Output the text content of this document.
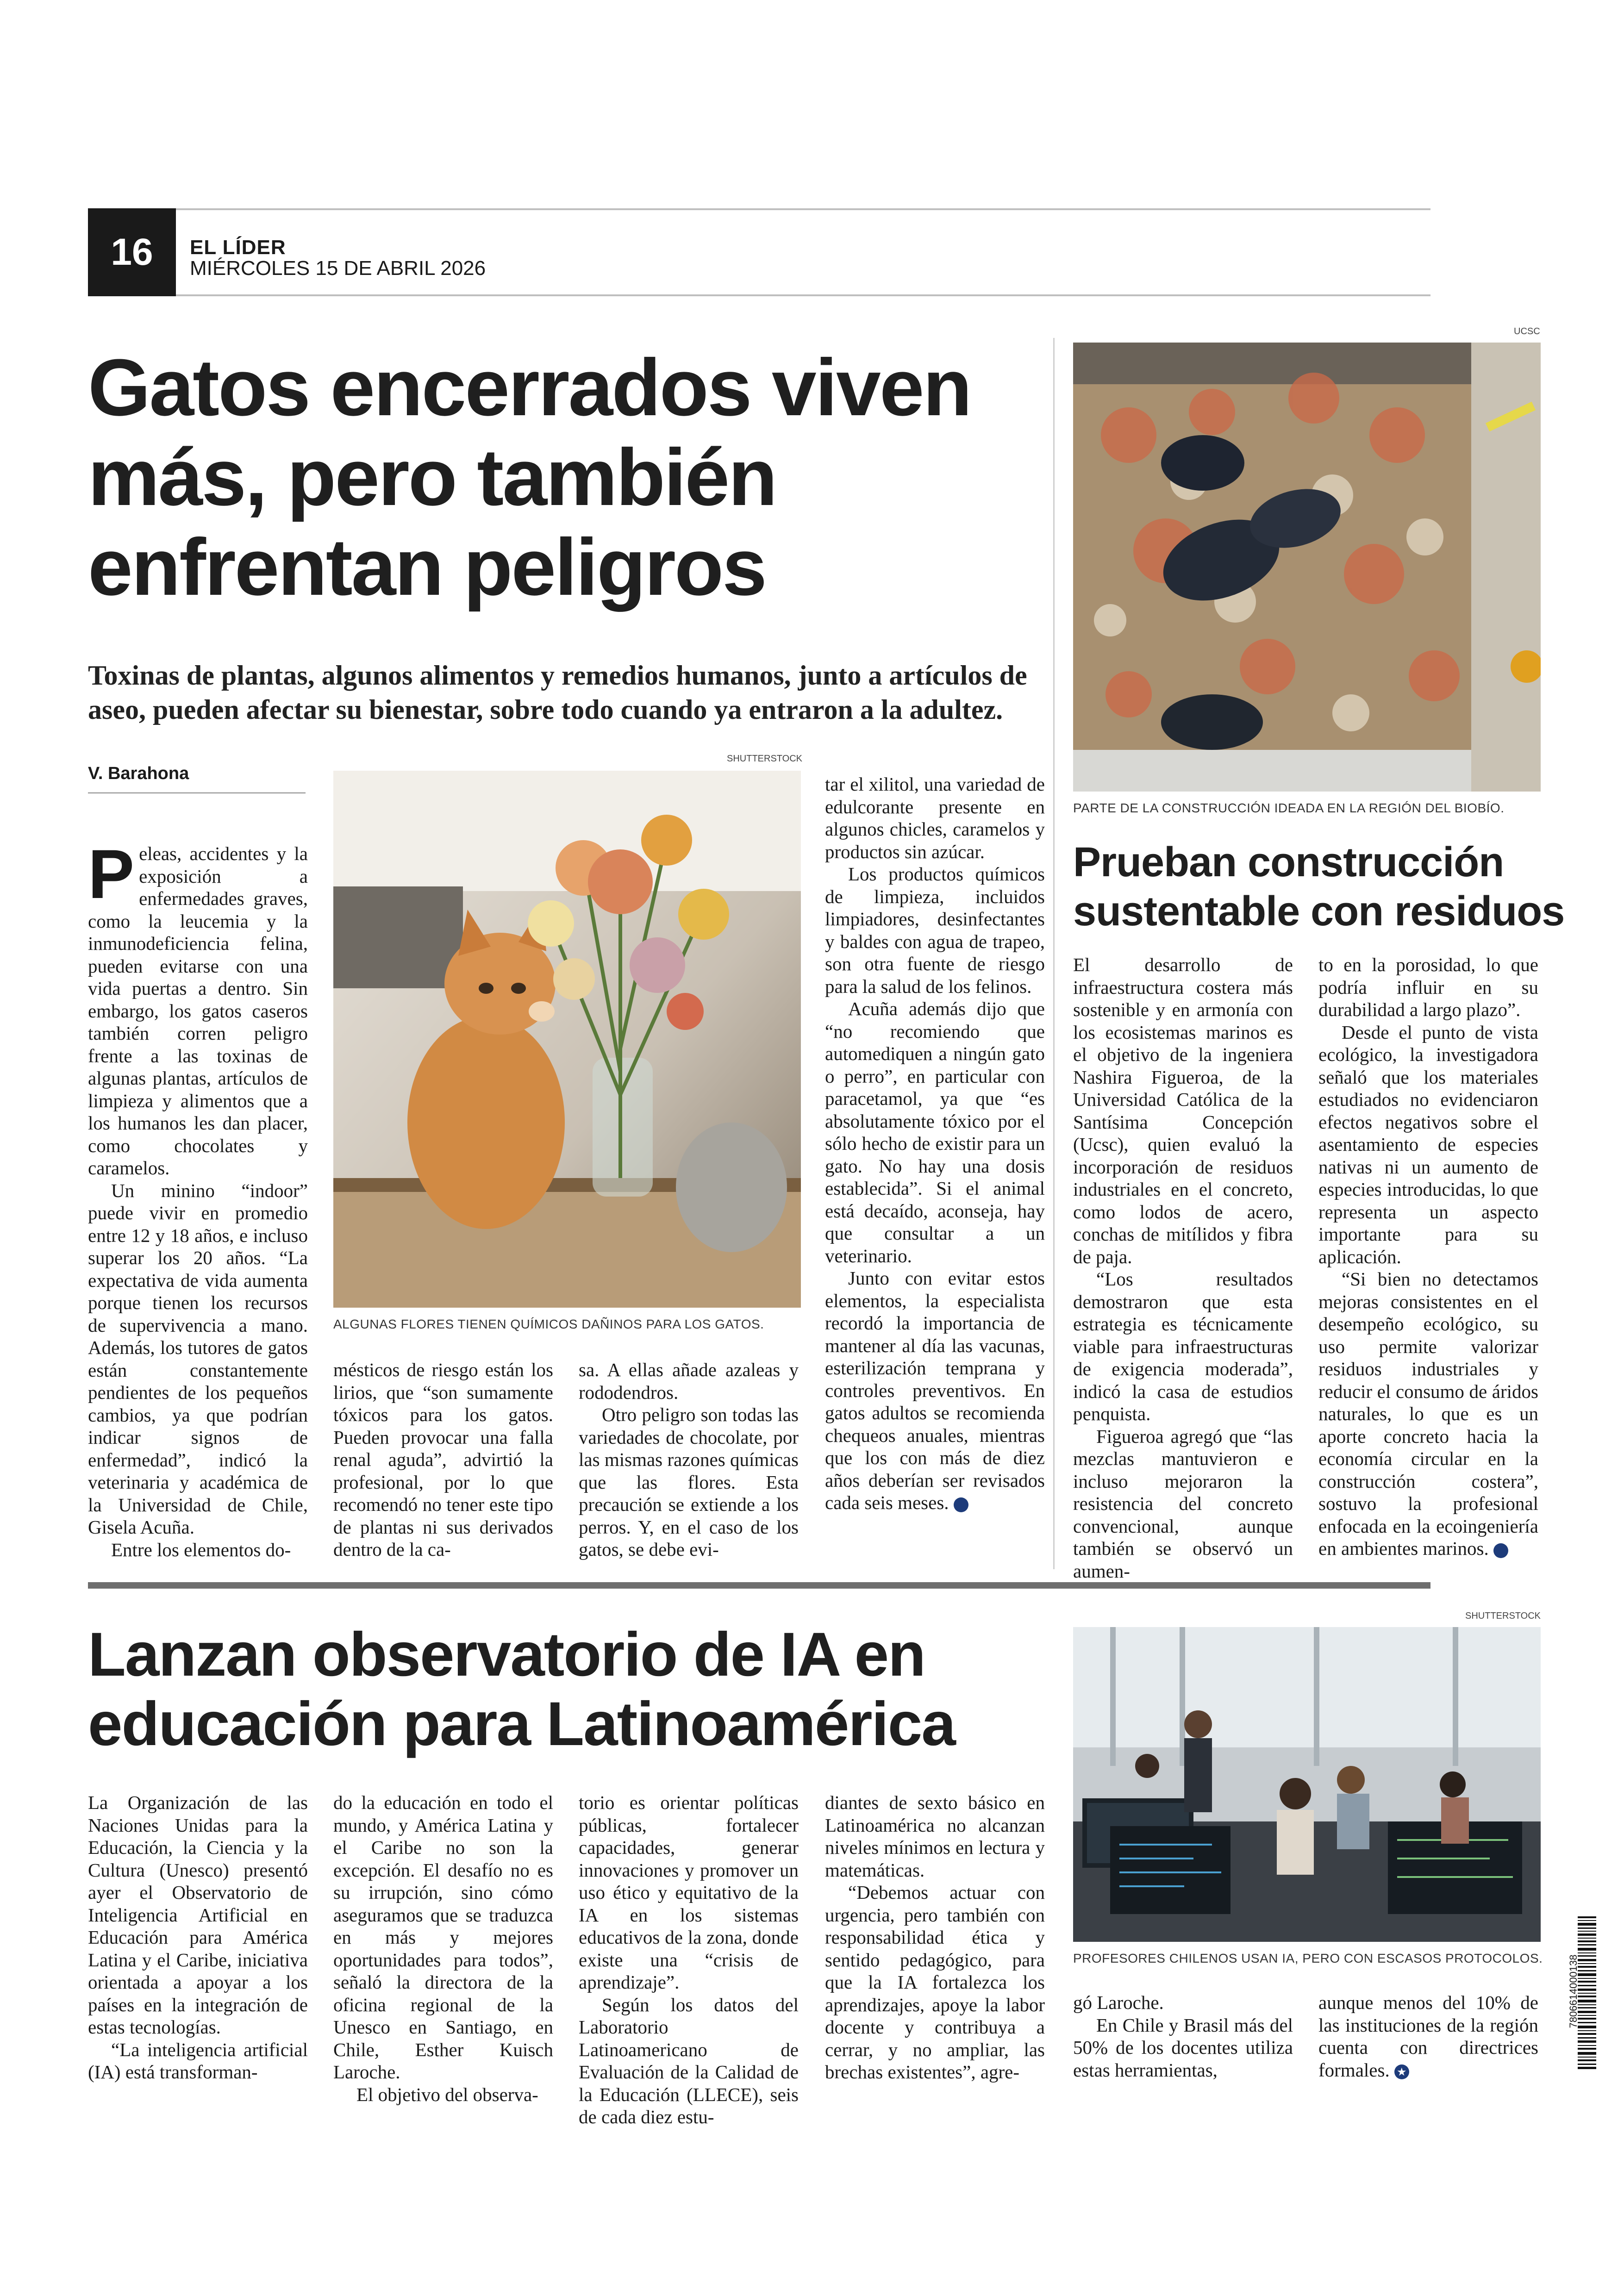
16	EL LÍDER
MIÉRCOLES 15 DE ABRIL 2026
Gatos encerrados viven
más, pero también
enfrentan peligros
Toxinas de plantas, algunos alimentos y remedios humanos, junto a artículos de aseo, pueden afectar su bienestar, sobre todo cuando ya entraron a la adultez.
V. Barahona
SHUTTERSTOCK
ALGUNAS FLORES TIENEN QUÍMICOS DAÑINOS PARA LOS GATOS.

Peleas, accidentes y la exposición a enfermedades graves, como la leucemia y la inmunodeficiencia felina, pueden evitarse con una vida puertas a dentro. Sin embargo, los gatos caseros también corren peligro frente a las toxinas de algunas plantas, artículos de limpieza y alimentos que a los humanos les dan placer, como chocolates y caramelos.

Un minino “indoor” puede vivir en promedio entre 12 y 18 años, e incluso superar los 20 años. “La expectativa de vida aumenta porque tienen los recursos de supervivencia a mano. Además, los tutores de gatos están constantemente pendientes de los pequeños cambios, ya que podrían indicar signos de enfermedad”, indicó la veterinaria y académica de la Universidad de Chile, Gisela Acuña.

Entre los elementos do-

mésticos de riesgo están los lirios, que “son sumamente tóxicos para los gatos. Pueden provocar una falla renal aguda”, advirtió la profesional, por lo que recomendó no tener este tipo de plantas ni sus derivados dentro de la ca-

sa. A ellas añade azaleas y rododendros.

Otro peligro son todas las variedades de chocolate, por las mismas razones químicas que las flores. Esta precaución se extiende a los perros. Y, en el caso de los gatos, se debe evi-

tar el xilitol, una variedad de edulcorante presente en algunos chicles, caramelos y productos sin azúcar.

Los productos químicos de limpieza, incluidos limpiadores, desinfectantes y baldes con agua de trapeo, son otra fuente de riesgo para la salud de los felinos.

Acuña además dijo que “no recomiendo que automediquen a ningún gato o perro”, en particular con paracetamol, ya que “es absolutamente tóxico por el sólo hecho de existir para un gato. No hay una dosis establecida”. Si el animal está decaído, aconseja, hay que consultar a un veterinario.

Junto con evitar estos elementos, la especialista recordó la importancia de mantener al día las vacunas, esterilización temprana y controles preventivos. En gatos adultos se recomienda chequeos anuales, mientras que los con más de diez años deberían ser revisados cada seis meses.	★

UCSC
PARTE DE LA CONSTRUCCIÓN IDEADA EN LA REGIÓN DEL BIOBÍO.
Prueban construcción
sustentable con residuos

El desarrollo de infraestructura costera más sostenible y en armonía con los ecosistemas marinos es el objetivo de la ingeniera Nashira Figueroa, de la Universidad Católica de la Santísima Concepción (Ucsc), quien evaluó la incorporación de residuos industriales en el concreto, como lodos de acero, conchas de mitílidos y fibra de paja.

“Los resultados demostraron que esta estrategia es técnicamente viable para infraestructuras de exigencia moderada”, indicó la casa de estudios penquista.

Figueroa agregó que “las mezclas mantuvieron e incluso mejoraron la resistencia del concreto convencional, aunque también se observó un aumen-

to en la porosidad, lo que podría influir en su durabilidad a largo plazo”.

Desde el punto de vista ecológico, la investigadora señaló que los materiales estudiados no evidenciaron efectos negativos sobre el asentamiento de especies nativas ni un aumento de especies introducidas, lo que representa un aspecto importante para su aplicación.

“Si bien no detectamos mejoras consistentes en el desempeño ecológico, su uso permite valorizar residuos industriales y reducir el consumo de áridos naturales, lo que es un aporte concreto hacia la economía circular en la construcción costera”, sostuvo la profesional enfocada en la ecoingeniería en ambientes marinos.	★

Lanzan observatorio de IA en
educación para Latinoamérica
SHUTTERSTOCK
PROFESORES CHILENOS USAN IA, PERO CON ESCASOS PROTOCOLOS.

La Organización de las Naciones Unidas para la Educación, la Ciencia y la Cultura (Unesco) presentó ayer el Observatorio de Inteligencia Artificial en Educación para América Latina y el Caribe, iniciativa orientada a apoyar a los países en la integración de estas tecnologías.

“La inteligencia artificial (IA) está transforman-

do la educación en todo el mundo, y América Latina y el Caribe no son la excepción. El desafío no es su irrupción, sino cómo aseguramos que se traduzca en más y mejores oportunidades para todos”, señaló la directora de la oficina regional de la Unesco en Santiago, en Chile, Esther Kuisch Laroche.

El objetivo del observa-

torio es orientar políticas públicas, fortalecer capacidades, generar innovaciones y promover un uso ético y equitativo de la IA en los sistemas educativos de la zona, donde existe una “crisis de aprendizaje”.

Según los datos del Laboratorio Latinoamericano de Evaluación de la Calidad de la Educación (LLECE), seis de cada diez estu-

diantes de sexto básico en Latinoamérica no alcanzan niveles mínimos en lectura y matemáticas.

“Debemos actuar con urgencia, pero también con responsabilidad ética y sentido pedagógico, para que la IA fortalezca los aprendizajes, apoye la labor docente y contribuya a cerrar, y no ampliar, las brechas existentes”, agre-

gó Laroche.

En Chile y Brasil más del 50% de los docentes utiliza estas herramientas,

aunque menos del 10% de las instituciones de la región cuenta con directrices formales. ★

7806614000138
